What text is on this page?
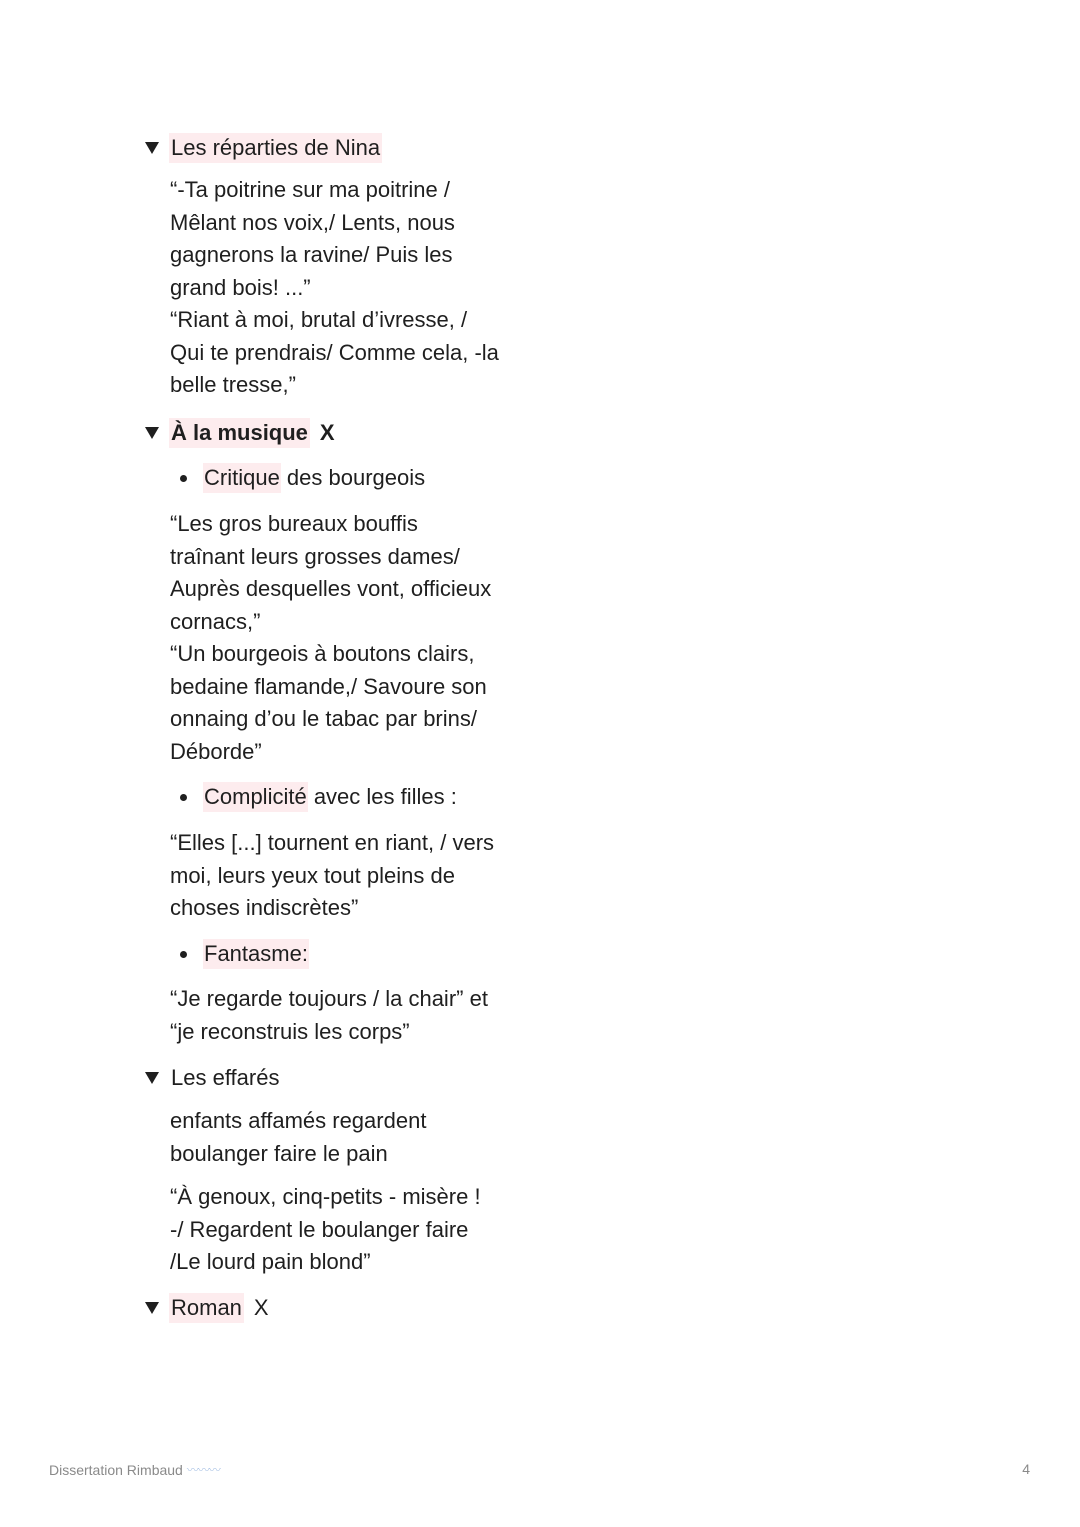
Les réparties de Nina
“-Ta poitrine sur ma poitrine /
Mêlant nos voix,/ Lents, nous
gagnerons la ravine/ Puis les
grand bois! ...”
“Riant à moi, brutal d’ivresse, /
Qui te prendrais/ Comme cela, -la
belle tresse,”
À la musique X
Critique des bourgeois
“Les gros bureaux bouffis
traînant leurs grosses dames/
Auprès desquelles vont, officieux
cornacs,”
“Un bourgeois à boutons clairs,
bedaine flamande,/ Savoure son
onnaing d’ou le tabac par brins/
Déborde”
Complicité avec les filles :
“Elles [...] tournent en riant, / vers
moi, leurs yeux tout pleins de
choses indiscrètes”
Fantasme:
“Je regarde toujours / la chair” et
“je reconstruis les corps”
Les effarés
enfants affamés regardent
boulanger faire le pain
“À genoux, cinq-petits - misère !
-/ Regardent le boulanger faire
/Le lourd pain blond”
Roman X
Dissertation Rimbaud 〰〰〰	4
